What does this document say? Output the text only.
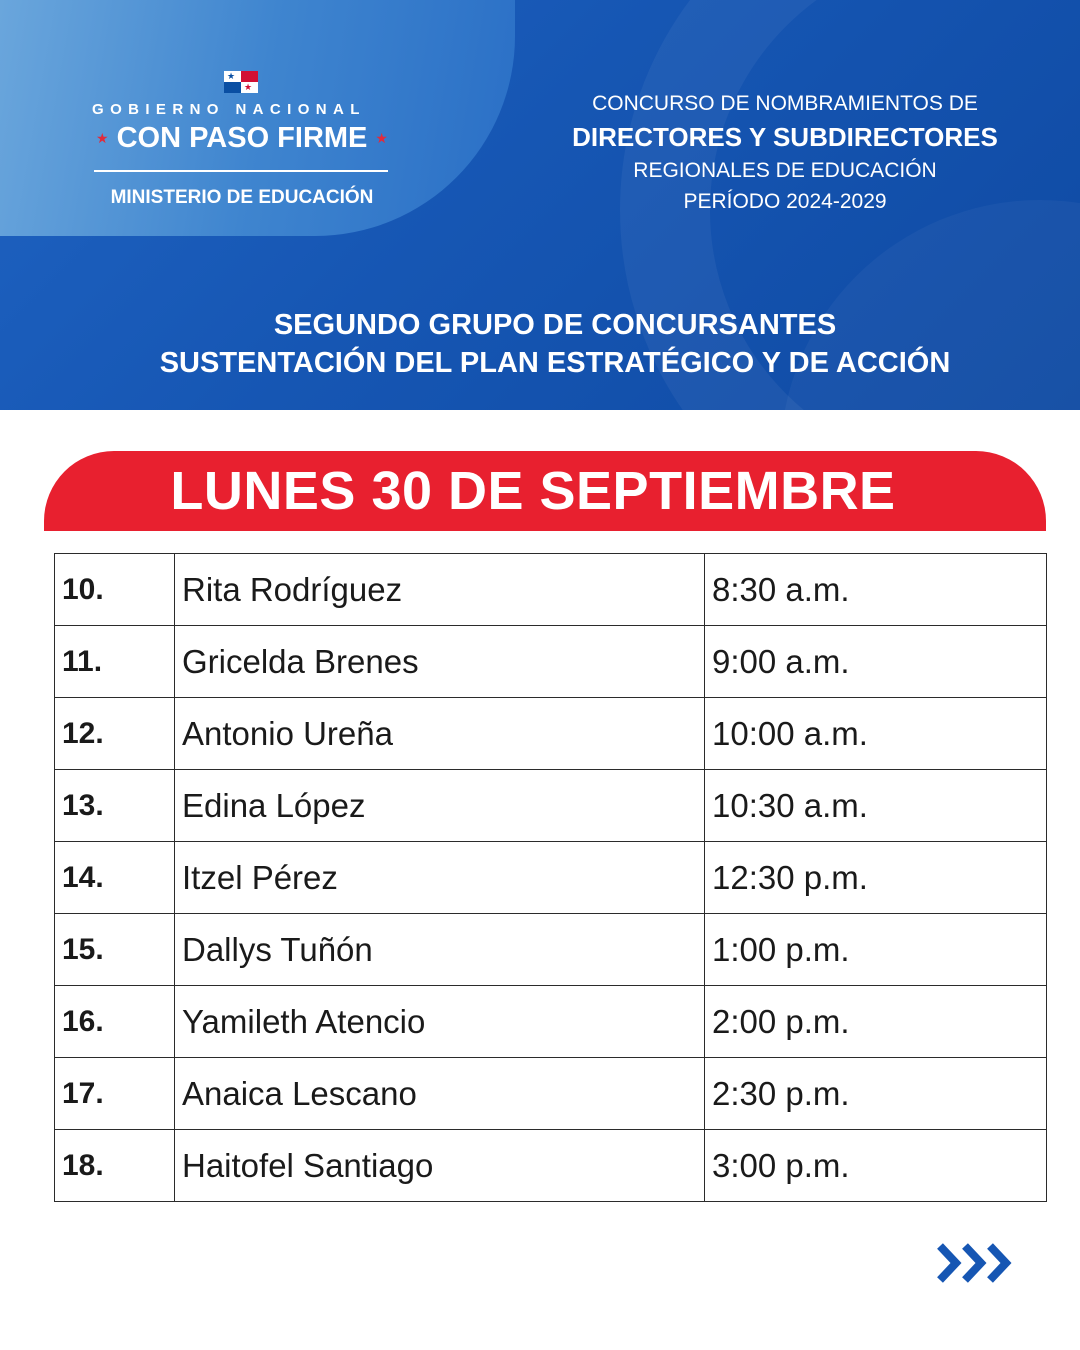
★
★
GOBIERNO NACIONAL
★ CON PASO FIRME ★
MINISTERIO DE EDUCACIÓN
CONCURSO DE NOMBRAMIENTOS DE
DIRECTORES Y SUBDIRECTORES
REGIONALES DE EDUCACIÓN
PERÍODO 2024-2029
SEGUNDO GRUPO DE CONCURSANTES
SUSTENTACIÓN DEL PLAN ESTRATÉGICO Y DE ACCIÓN
LUNES 30 DE SEPTIEMBRE
10.	Rita Rodríguez	8:30 a.m.
11.	Gricelda Brenes	9:00 a.m.
12.	Antonio Ureña	10:00 a.m.
13.	Edina López	10:30 a.m.
14.	Itzel Pérez	12:30 p.m.
15.	Dallys Tuñón	1:00 p.m.
16.	Yamileth Atencio	2:00 p.m.
17.	Anaica Lescano	2:30 p.m.
18.	Haitofel Santiago	3:00 p.m.
